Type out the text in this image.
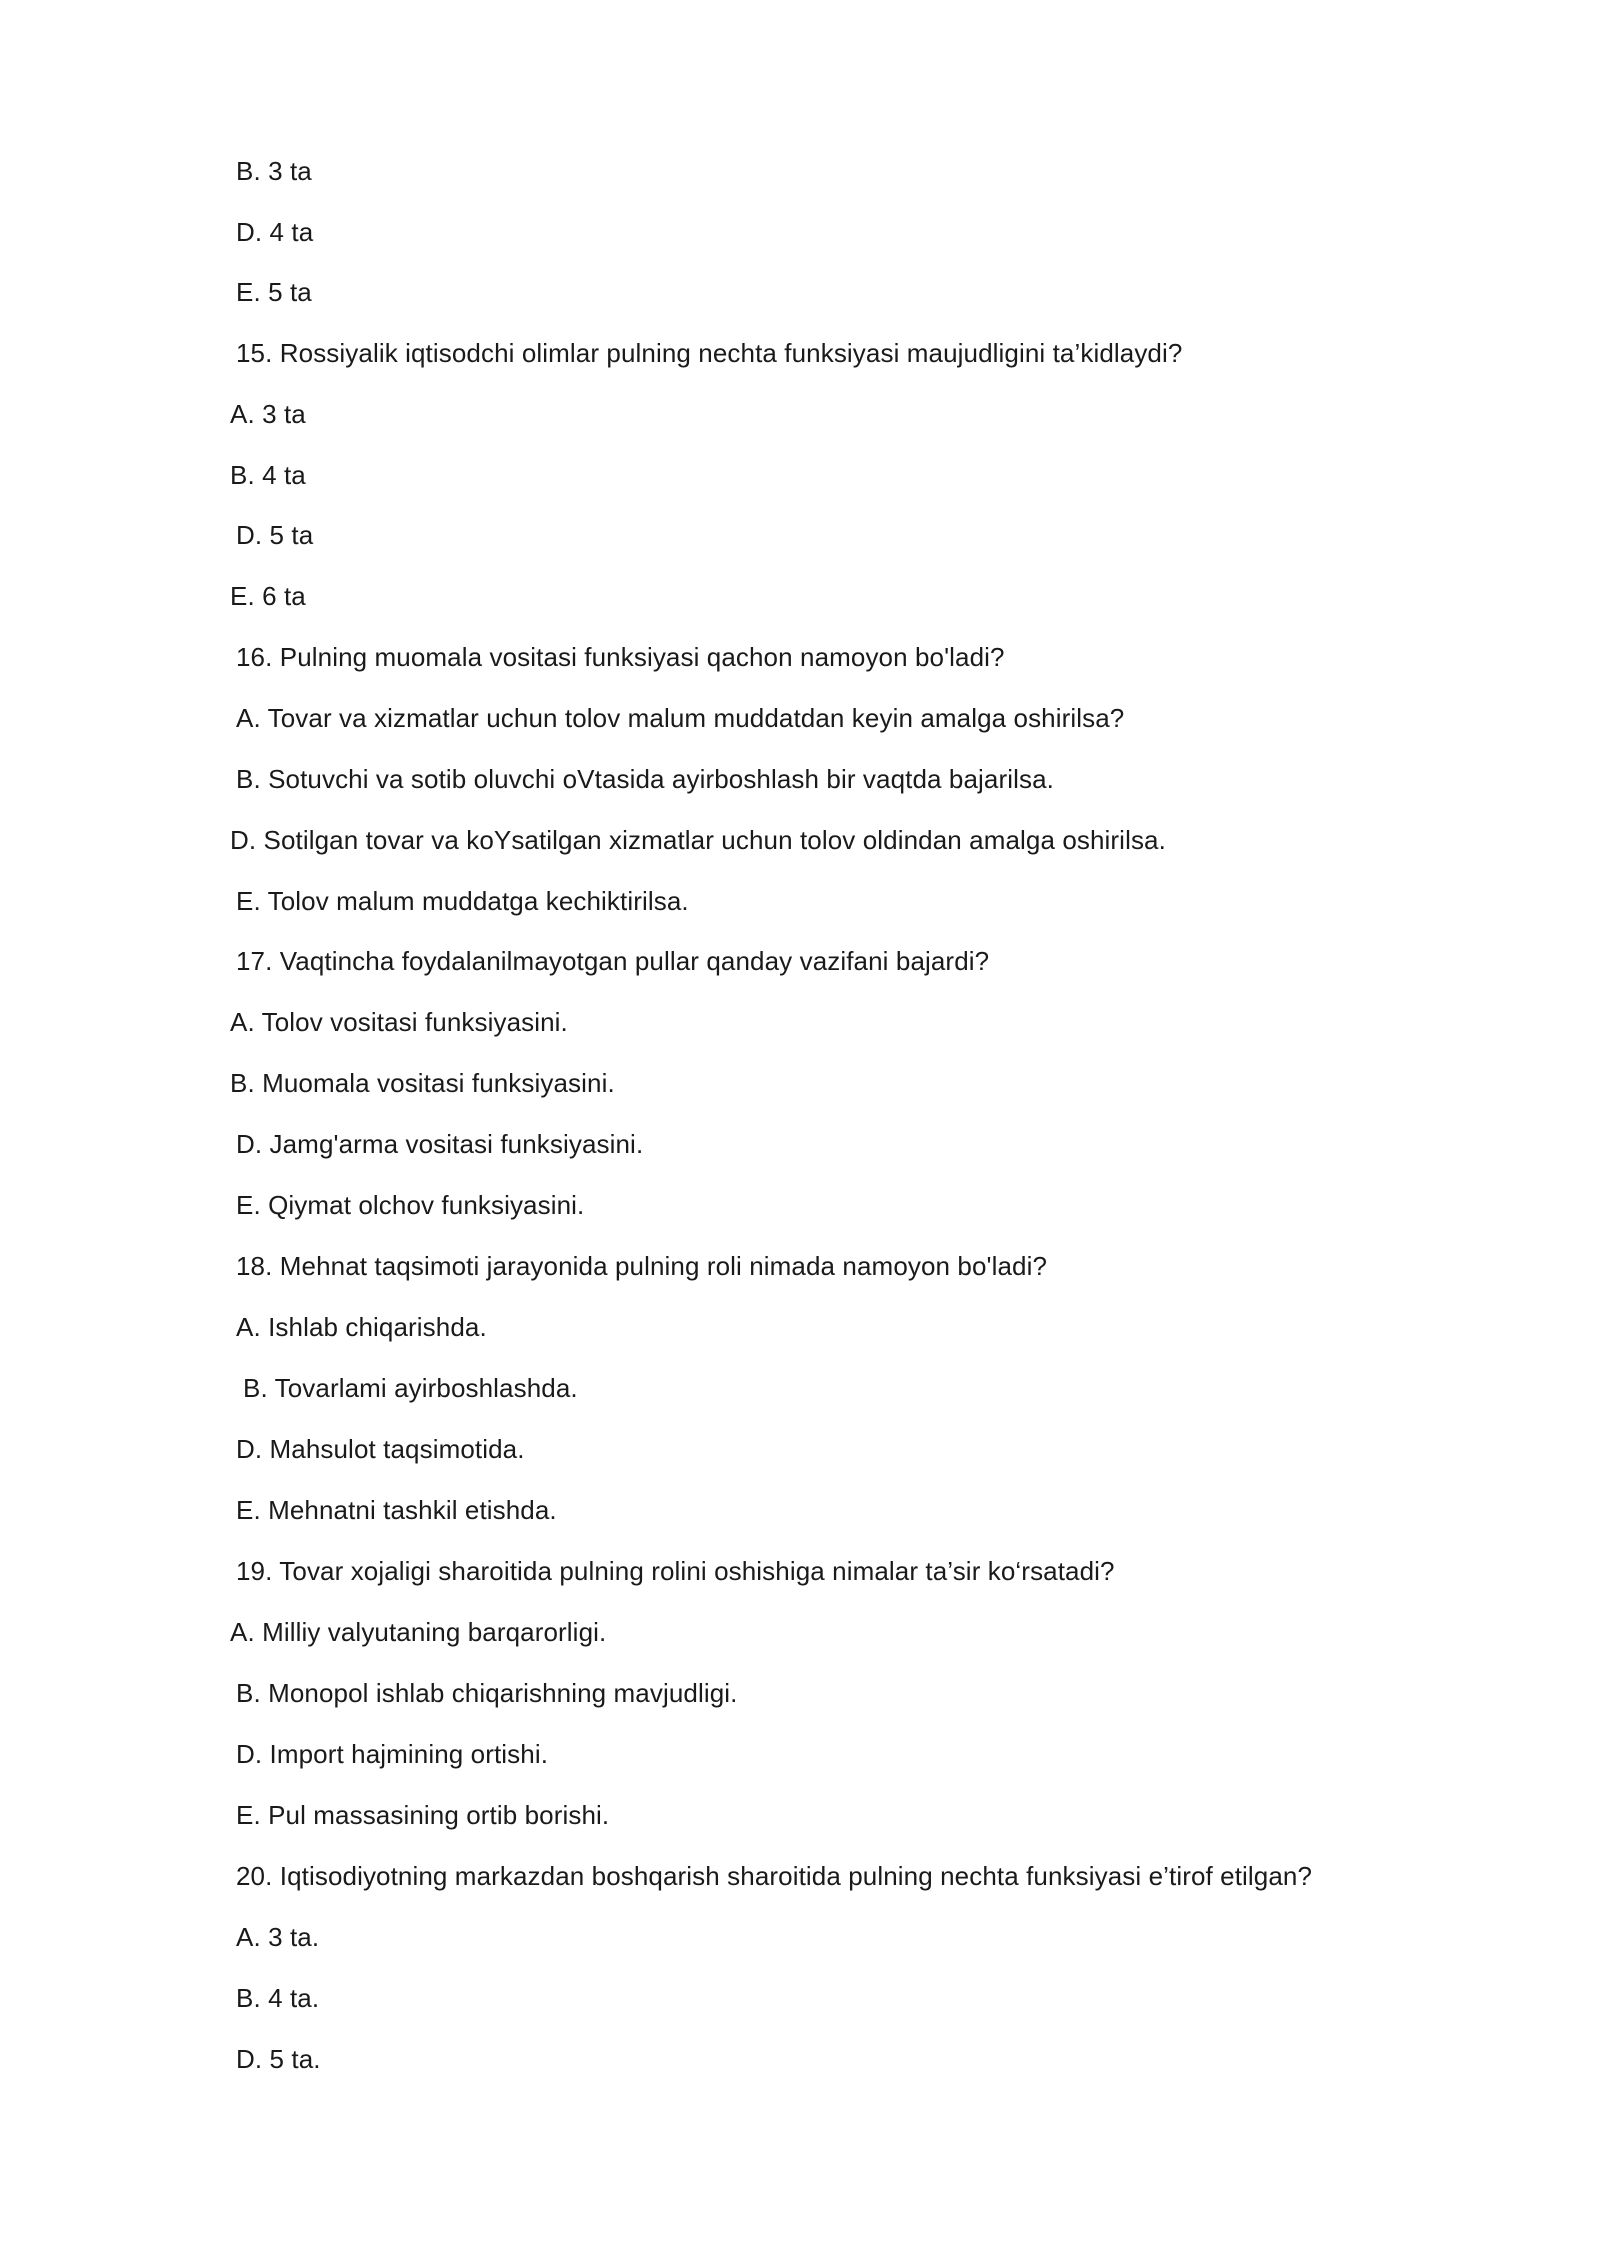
B. 3 ta
D. 4 ta
E. 5 ta
15. Rossiyalik iqtisodchi olimlar pulning nechta funksiyasi maujudligini ta’kidlaydi?
A. 3 ta
B. 4 ta
D. 5 ta
E. 6 ta
16. Pulning muomala vositasi funksiyasi qachon namoyon bo'ladi?
A. Tovar va xizmatlar uchun tolov malum muddatdan keyin amalga oshirilsa?
B. Sotuvchi va sotib oluvchi oVtasida ayirboshlash bir vaqtda bajarilsa.
D. Sotilgan tovar va koYsatilgan xizmatlar uchun tolov oldindan amalga oshirilsa.
E. Tolov malum muddatga kechiktirilsa.
17. Vaqtincha foydalanilmayotgan pullar qanday vazifani bajardi?
A. Tolov vositasi funksiyasini.
B. Muomala vositasi funksiyasini.
D. Jamg'arma vositasi funksiyasini.
E. Qiymat olchov funksiyasini.
18. Mehnat taqsimoti jarayonida pulning roli nimada namoyon bo'ladi?
A. Ishlab chiqarishda.
B. Tovarlami ayirboshlashda.
D. Mahsulot taqsimotida.
E. Mehnatni tashkil etishda.
19. Tovar xojaligi sharoitida pulning rolini oshishiga nimalar ta’sir ko‘rsatadi?
A. Milliy valyutaning barqarorligi.
B. Monopol ishlab chiqarishning mavjudligi.
D. Import hajmining ortishi.
E. Pul massasining ortib borishi.
20. Iqtisodiyotning markazdan boshqarish sharoitida pulning nechta funksiyasi e’tirof etilgan?
A. 3 ta.
B. 4 ta.
D. 5 ta.
